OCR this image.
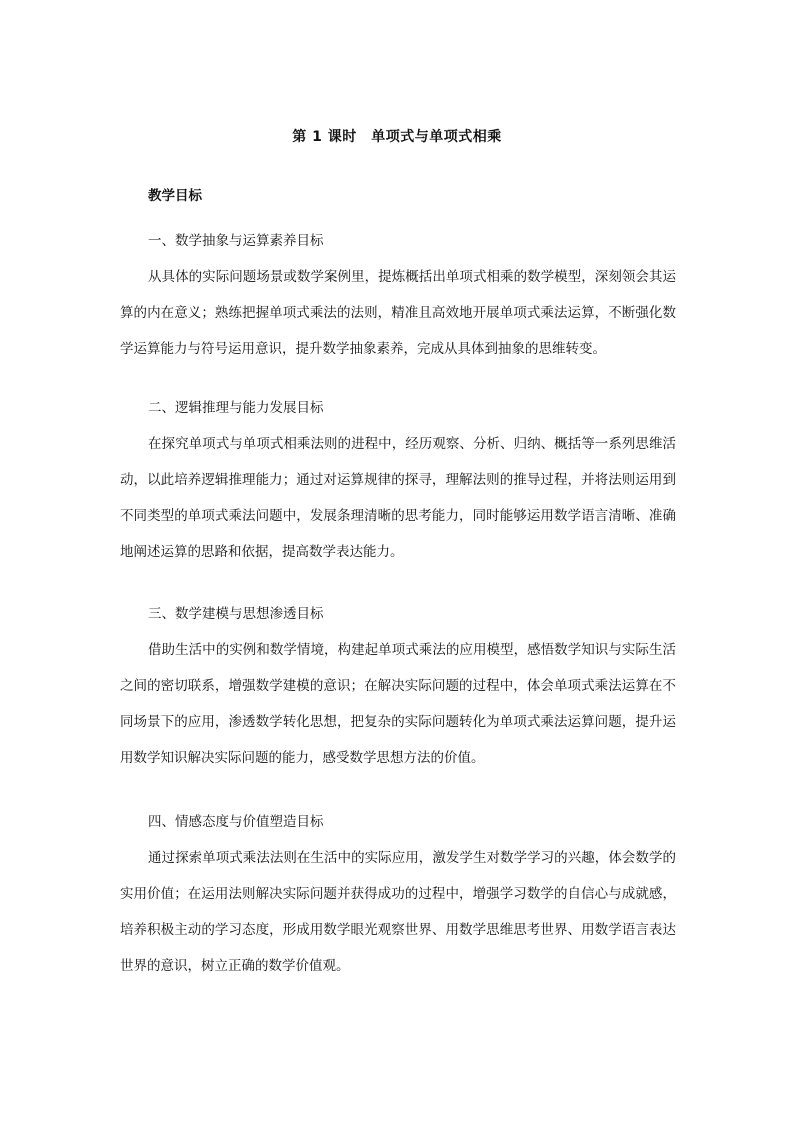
第 1 课时　单项式与单项式相乘
教学目标
一、数学抽象与运算素养目标

从具体的实际问题场景或数学案例里，提炼概括出单项式相乘的数学模型，深刻领会其运算的内在意义；熟练把握单项式乘法的法则，精准且高效地开展单项式乘法运算，不断强化数学运算能力与符号运用意识，提升数学抽象素养，完成从具体到抽象的思维转变。

二、逻辑推理与能力发展目标

在探究单项式与单项式相乘法则的进程中，经历观察、分析、归纳、概括等一系列思维活动，以此培养逻辑推理能力；通过对运算规律的探寻，理解法则的推导过程，并将法则运用到不同类型的单项式乘法问题中，发展条理清晰的思考能力，同时能够运用数学语言清晰、准确地阐述运算的思路和依据，提高数学表达能力。

三、数学建模与思想渗透目标

借助生活中的实例和数学情境，构建起单项式乘法的应用模型，感悟数学知识与实际生活之间的密切联系，增强数学建模的意识；在解决实际问题的过程中，体会单项式乘法运算在不同场景下的应用，渗透数学转化思想，把复杂的实际问题转化为单项式乘法运算问题，提升运用数学知识解决实际问题的能力，感受数学思想方法的价值。

四、情感态度与价值塑造目标

通过探索单项式乘法法则在生活中的实际应用，激发学生对数学学习的兴趣，体会数学的实用价值；在运用法则解决实际问题并获得成功的过程中，增强学习数学的自信心与成就感，培养积极主动的学习态度，形成用数学眼光观察世界、用数学思维思考世界、用数学语言表达世界的意识，树立正确的数学价值观。
